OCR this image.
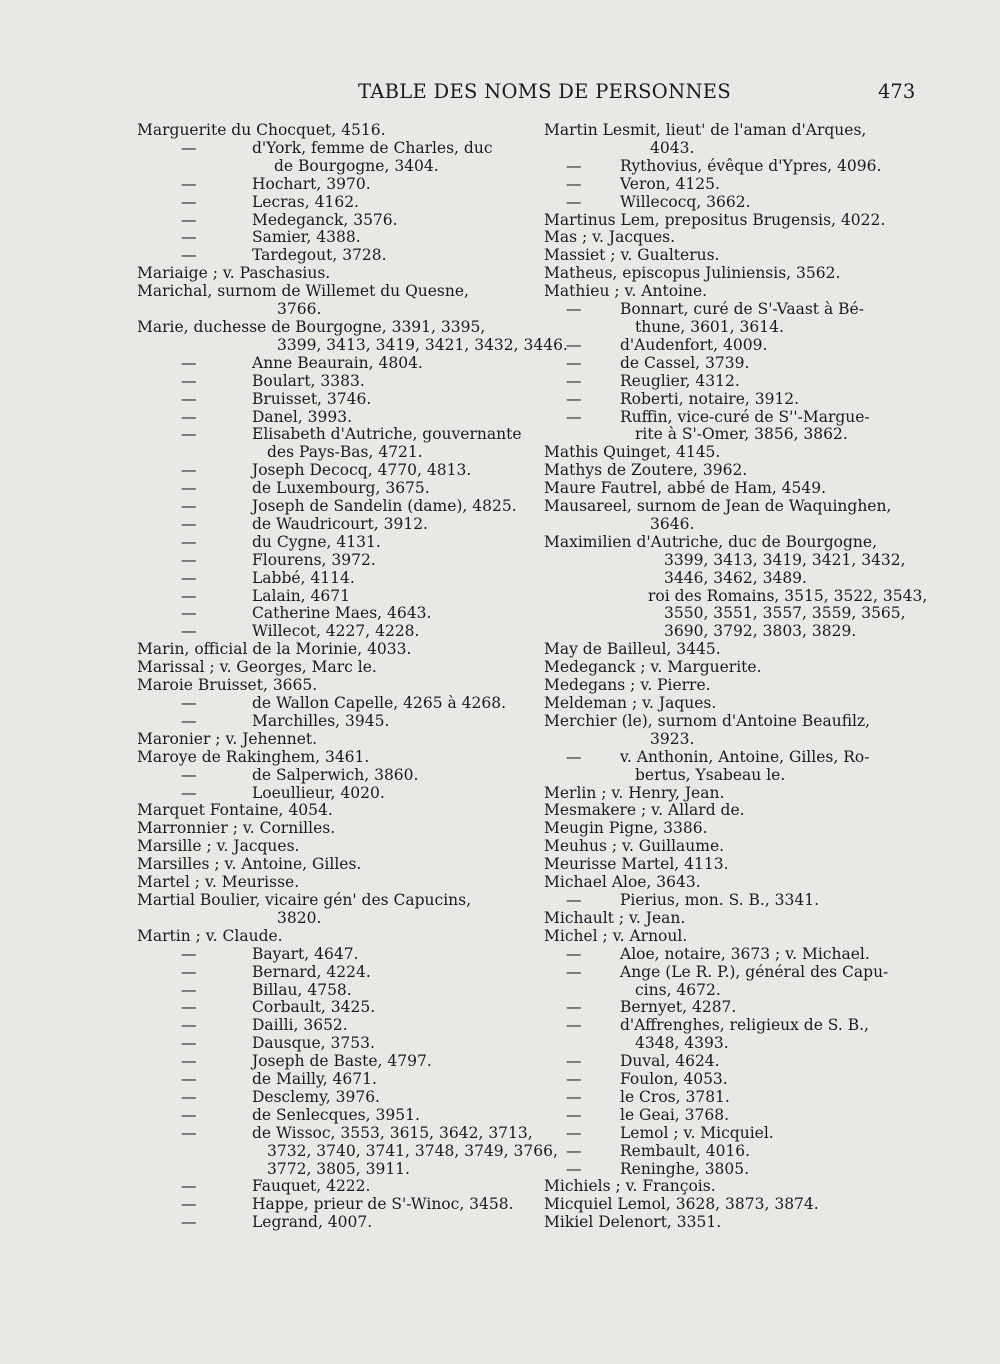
TABLE DES NOMS DE PERSONNES	473
Marguerite du Chocquet, 4516.
—	d'York, femme de Charles, duc
de Bourgogne, 3404.
—	Hochart, 3970.
—	Lecras, 4162.
—	Medeganck, 3576.
—	Samier, 4388.
—	Tardegout, 3728.
Mariaige ; v. Paschasius.
Marichal, surnom de Willemet du Quesne,
3766.
Marie, duchesse de Bourgogne, 3391, 3395,
3399, 3413, 3419, 3421, 3432, 3446.
—	Anne Beaurain, 4804.
—	Boulart, 3383.
—	Bruisset, 3746.
—	Danel, 3993.
—	Elisabeth d'Autriche, gouvernante
des Pays-Bas, 4721.
—	Joseph Decocq, 4770, 4813.
—	de Luxembourg, 3675.
—	Joseph de Sandelin (dame), 4825.
—	de Waudricourt, 3912.
—	du Cygne, 4131.
—	Flourens, 3972.
—	Labbé, 4114.
—	Lalain, 4671
—	Catherine Maes, 4643.
—	Willecot, 4227, 4228.
Marin, official de la Morinie, 4033.
Marissal ; v. Georges, Marc le.
Maroie Bruisset, 3665.
—	de Wallon Capelle, 4265 à 4268.
—	Marchilles, 3945.
Maronier ; v. Jehennet.
Maroye de Rakinghem, 3461.
—	de Salperwich, 3860.
—	Loeullieur, 4020.
Marquet Fontaine, 4054.
Marronnier ; v. Cornilles.
Marsille ; v. Jacques.
Marsilles ; v. Antoine, Gilles.
Martel ; v. Meurisse.
Martial Boulier, vicaire gén' des Capucins,
3820.
Martin ; v. Claude.
—	Bayart, 4647.
—	Bernard, 4224.
—	Billau, 4758.
—	Corbault, 3425.
—	Dailli, 3652.
—	Dausque, 3753.
—	Joseph de Baste, 4797.
—	de Mailly, 4671.
—	Desclemy, 3976.
—	de Senlecques, 3951.
—	de Wissoc, 3553, 3615, 3642, 3713,
3732, 3740, 3741, 3748, 3749, 3766,
3772, 3805, 3911.
—	Fauquet, 4222.
—	Happe, prieur de S'-Winoc, 3458.
—	Legrand, 4007.
Martin Lesmit, lieut' de l'aman d'Arques,
4043.
—	Rythovius, évêque d'Ypres, 4096.
—	Veron, 4125.
—	Willecocq, 3662.
Martinus Lem, prepositus Brugensis, 4022.
Mas ; v. Jacques.
Massiet ; v. Gualterus.
Matheus, episcopus Juliniensis, 3562.
Mathieu ; v. Antoine.
—	Bonnart, curé de S'-Vaast à Bé-
thune, 3601, 3614.
—	d'Audenfort, 4009.
—	de Cassel, 3739.
—	Reuglier, 4312.
—	Roberti, notaire, 3912.
—	Ruffin, vice-curé de S''-Margue-
rite à S'-Omer, 3856, 3862.
Mathis Quinget, 4145.
Mathys de Zoutere, 3962.
Maure Fautrel, abbé de Ham, 4549.
Mausareel, surnom de Jean de Waquinghen,
3646.
Maximilien d'Autriche, duc de Bourgogne,
3399, 3413, 3419, 3421, 3432,
3446, 3462, 3489.
roi des Romains, 3515, 3522, 3543,
3550, 3551, 3557, 3559, 3565,
3690, 3792, 3803, 3829.
May de Bailleul, 3445.
Medeganck ; v. Marguerite.
Medegans ; v. Pierre.
Meldeman ; v. Jaques.
Merchier (le), surnom d'Antoine Beaufilz,
3923.
—	v. Anthonin, Antoine, Gilles, Ro-
bertus, Ysabeau le.
Merlin ; v. Henry, Jean.
Mesmakere ; v. Allard de.
Meugin Pigne, 3386.
Meuhus ; v. Guillaume.
Meurisse Martel, 4113.
Michael Aloe, 3643.
—	Pierius, mon. S. B., 3341.
Michault ; v. Jean.
Michel ; v. Arnoul.
—	Aloe, notaire, 3673 ; v. Michael.
—	Ange (Le R. P.), général des Capu-
cins, 4672.
—	Bernyet, 4287.
—	d'Affrenghes, religieux de S. B.,
4348, 4393.
—	Duval, 4624.
—	Foulon, 4053.
—	le Cros, 3781.
—	le Geai, 3768.
—	Lemol ; v. Micquiel.
—	Rembault, 4016.
—	Reninghe, 3805.
Michiels ; v. François.
Micquiel Lemol, 3628, 3873, 3874.
Mikiel Delenort, 3351.
